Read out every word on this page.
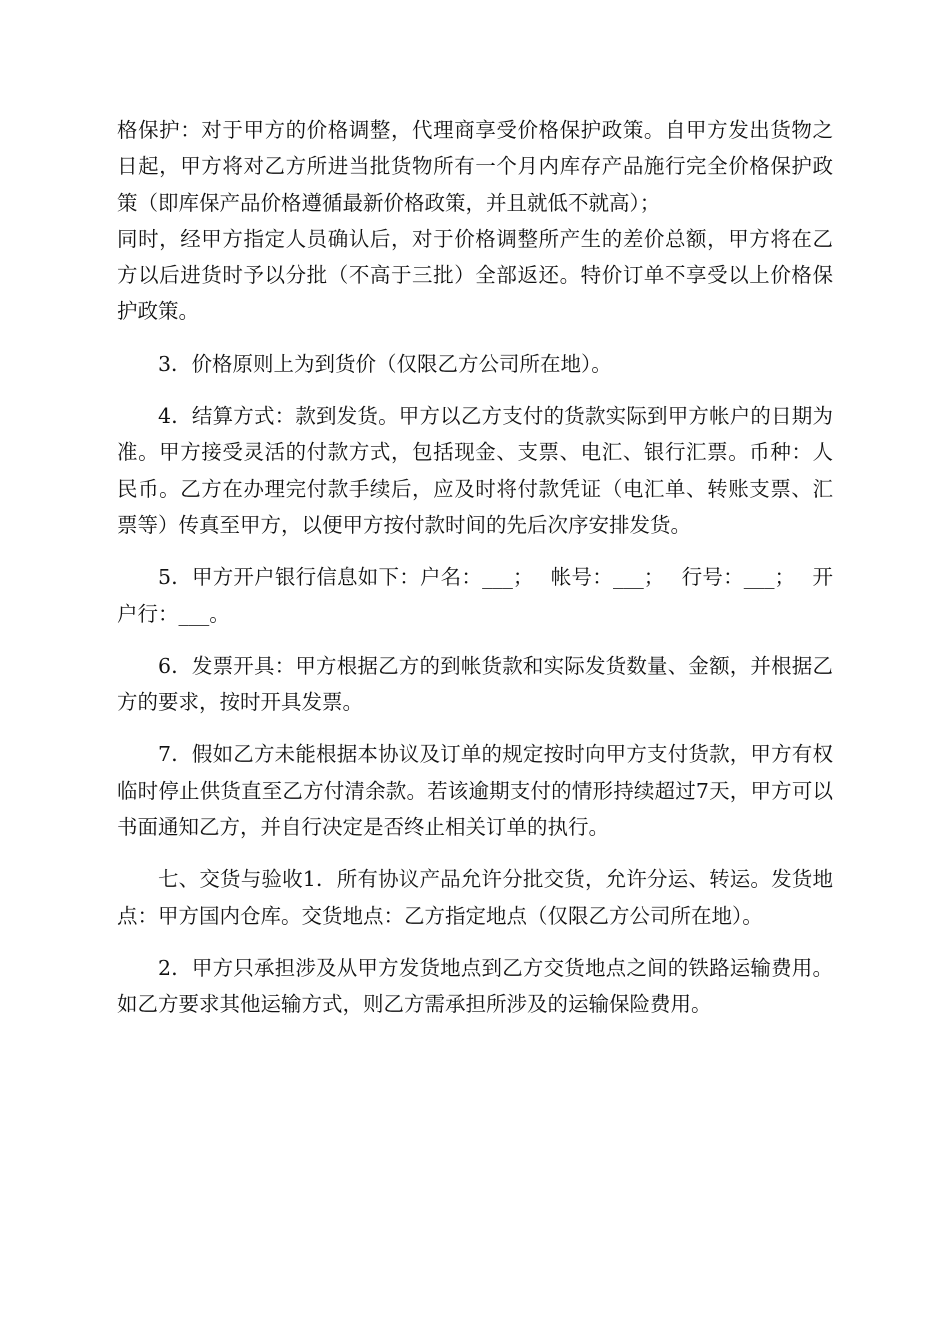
格保护：对于甲方的价格调整，代理商享受价格保护政策。自甲方发出货物之日起，甲方将对乙方所进当批货物所有一个月内库存产品施行完全价格保护政策（即库保产品价格遵循最新价格政策，并且就低不就高）；

同时，经甲方指定人员确认后，对于价格调整所产生的差价总额，甲方将在乙方以后进货时予以分批（不高于三批）全部返还。特价订单不享受以上价格保护政策。

3．价格原则上为到货价（仅限乙方公司所在地）。

4．结算方式：款到发货。甲方以乙方支付的货款实际到甲方帐户的日期为准。甲方接受灵活的付款方式，包括现金、支票、电汇、银行汇票。币种：人民币。乙方在办理完付款手续后，应及时将付款凭证（电汇单、转账支票、汇票等）传真至甲方，以便甲方按付款时间的先后次序安排发货。

5．甲方开户银行信息如下：户名：___；　 帐号：___；　 行号：___；　 开户行：___。

6．发票开具：甲方根据乙方的到帐货款和实际发货数量、金额，并根据乙方的要求，按时开具发票。

7．假如乙方未能根据本协议及订单的规定按时向甲方支付货款，甲方有权临时停止供货直至乙方付清余款。若该逾期支付的情形持续超过7天，甲方可以书面通知乙方，并自行决定是否终止相关订单的执行。

七、交货与验收1．所有协议产品允许分批交货，允许分运、转运。发货地点：甲方国内仓库。交货地点：乙方指定地点（仅限乙方公司所在地）。

2．甲方只承担涉及从甲方发货地点到乙方交货地点之间的铁路运输费用。如乙方要求其他运输方式，则乙方需承担所涉及的运输保险费用。
